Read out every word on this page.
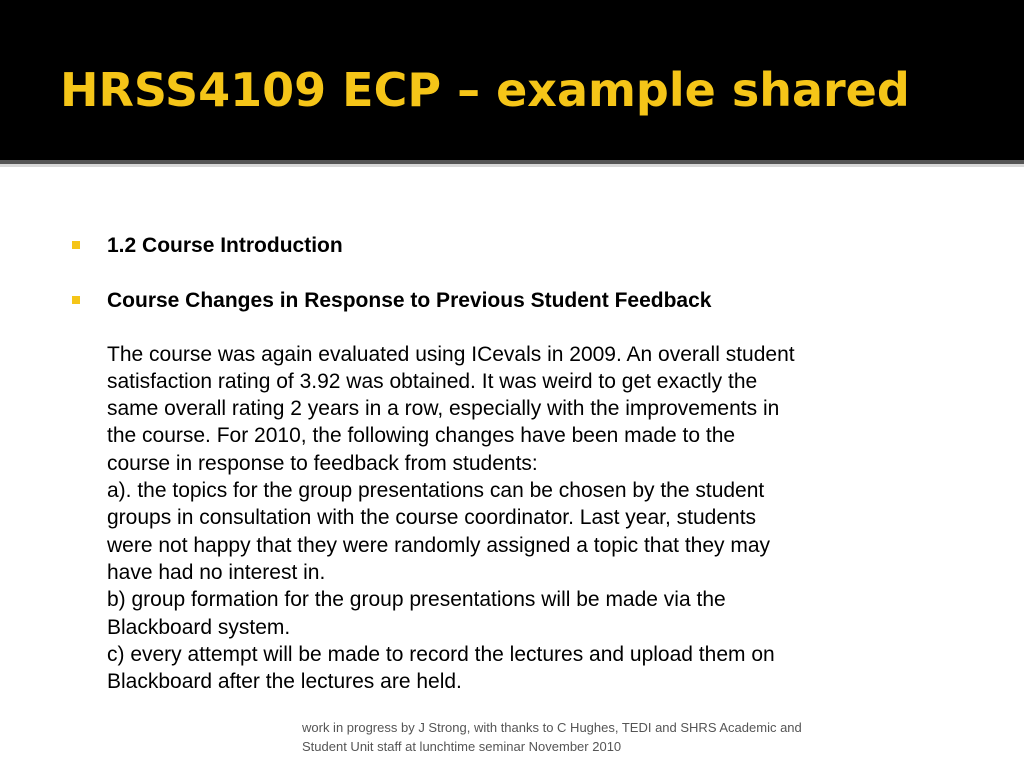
HRSS4109 ECP – example shared
1.2 Course Introduction
Course Changes in Response to Previous Student Feedback
The course was again evaluated using ICevals in 2009. An overall student
satisfaction rating of 3.92 was obtained. It was weird to get exactly the
same overall rating 2 years in a row, especially with the improvements in
the course. For 2010, the following changes have been made to the
course in response to feedback from students:
a). the topics for the group presentations can be chosen by the student
groups in consultation with the course coordinator. Last year, students
were not happy that they were randomly assigned a topic that they may
have had no interest in.
b) group formation for the group presentations will be made via the
Blackboard system.
c) every attempt will be made to record the lectures and upload them on
Blackboard after the lectures are held.
work in progress by J Strong, with thanks to C Hughes, TEDI and SHRS Academic and
Student Unit staff at lunchtime seminar November 2010
